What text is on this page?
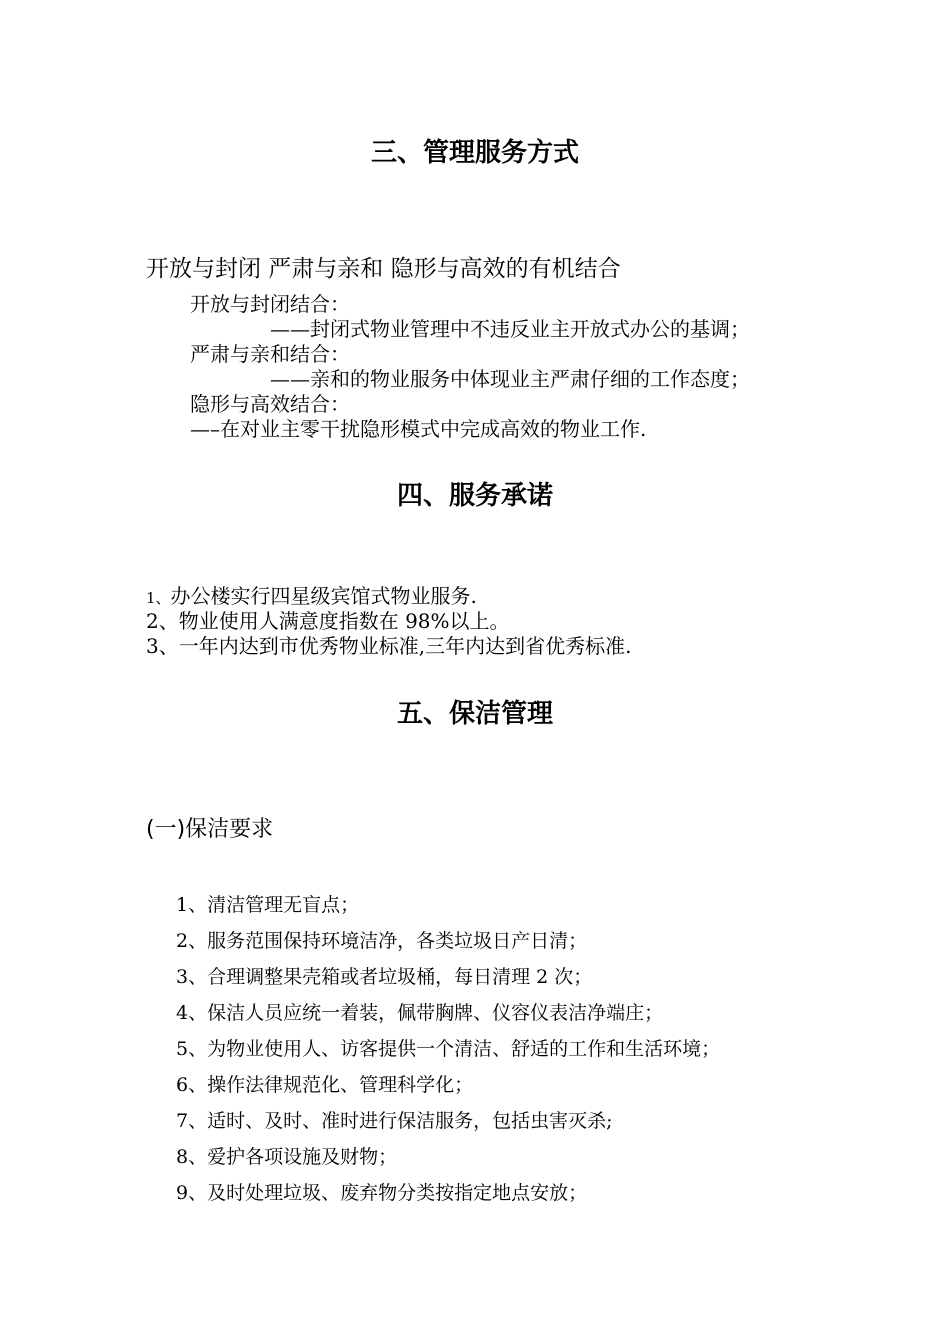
三、管理服务方式
开放与封闭 严肃与亲和 隐形与高效的有机结合
开放与封闭结合：
——封闭式物业管理中不违反业主开放式办公的基调；
严肃与亲和结合：
——亲和的物业服务中体现业主严肃仔细的工作态度；
隐形与高效结合：
—–在对业主零干扰隐形模式中完成高效的物业工作.
四、服务承诺
1、办公楼实行四星级宾馆式物业服务.
2、物业使用人满意度指数在 98%以上。
3、一年内达到市优秀物业标准,三年内达到省优秀标准.
五、保洁管理
(一)保洁要求
1、清洁管理无盲点；
2、服务范围保持环境洁净，各类垃圾日产日清；
3、合理调整果壳箱或者垃圾桶，每日清理 2 次；
4、保洁人员应统一着装，佩带胸牌、仪容仪表洁净端庄；
5、为物业使用人、访客提供一个清洁、舒适的工作和生活环境；
6、操作法律规范化、管理科学化；
7、适时、及时、准时进行保洁服务，包括虫害灭杀;
8、爱护各项设施及财物；
9、及时处理垃圾、废弃物分类按指定地点安放；
